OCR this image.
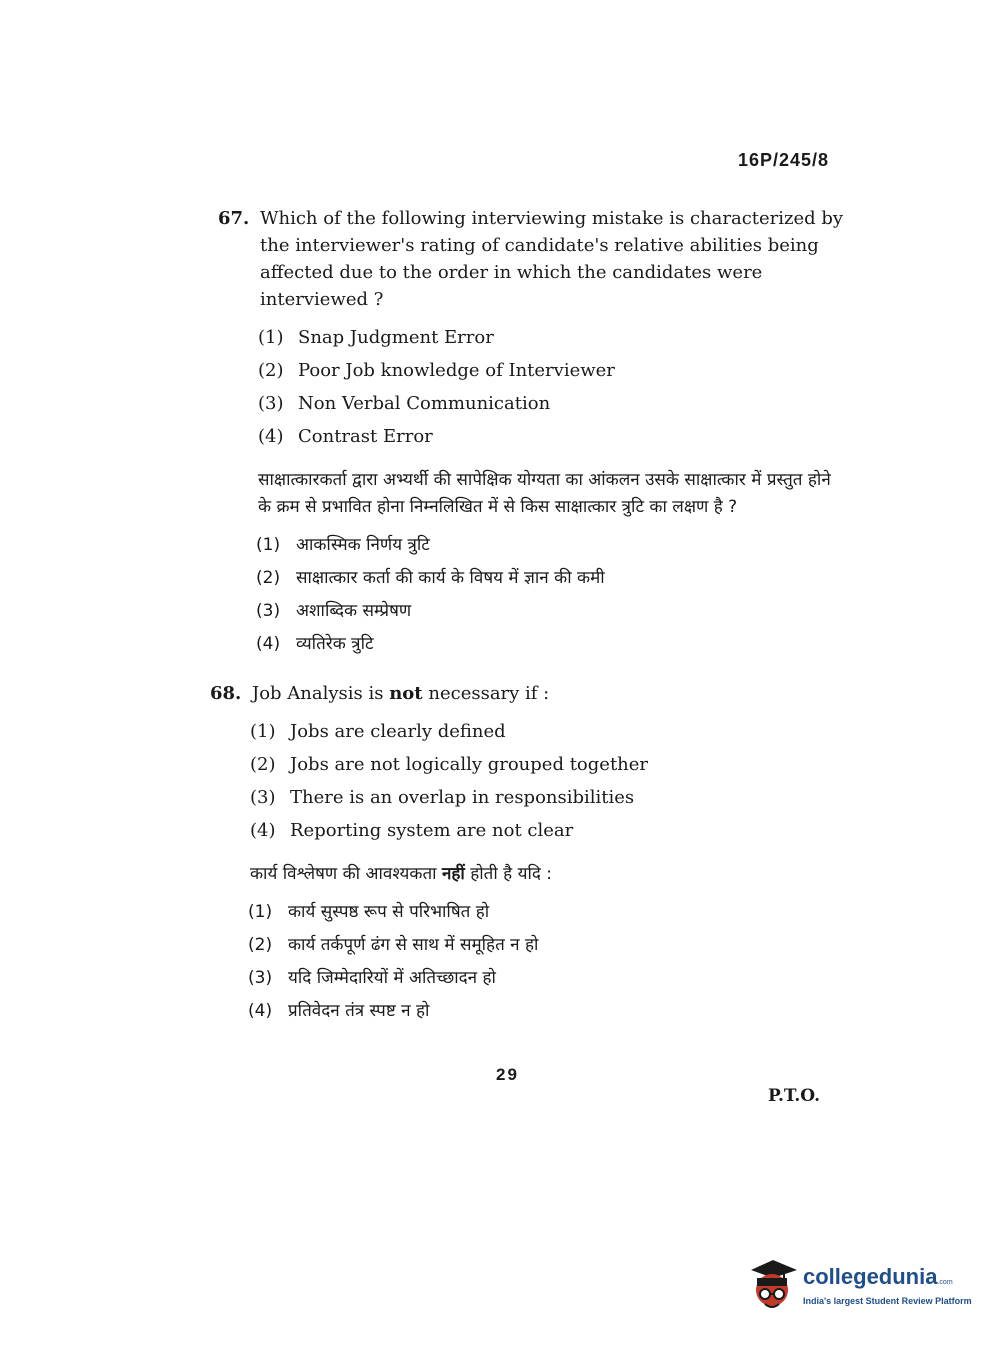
16P/245/8
67. Which of the following interviewing mistake is characterized by the interviewer's rating of candidate's relative abilities being affected due to the order in which the candidates were interviewed ?
(1) Snap Judgment Error
(2) Poor Job knowledge of Interviewer
(3) Non Verbal Communication
(4) Contrast Error
साक्षात्कारकर्ता द्वारा अभ्यर्थी की सापेक्षिक योग्यता का आंकलन उसके साक्षात्कार में प्रस्तुत होने के क्रम से प्रभावित होना निम्नलिखित में से किस साक्षात्कार त्रुटि का लक्षण है ?
(1) आकस्मिक निर्णय त्रुटि
(2) साक्षात्कार कर्ता की कार्य के विषय में ज्ञान की कमी
(3) अशाब्दिक सम्प्रेषण
(4) व्यतिरेक त्रुटि
68. Job Analysis is not necessary if :
(1) Jobs are clearly defined
(2) Jobs are not logically grouped together
(3) There is an overlap in responsibilities
(4) Reporting system are not clear
कार्य विश्लेषण की आवश्यकता नहीं होती है यदि :
(1) कार्य सुस्पष्ठ रूप से परिभाषित हो
(2) कार्य तर्कपूर्ण ढंग से साथ में समूहित न हो
(3) यदि जिम्मेदारियों में अतिच्छादन हो
(4) प्रतिवेदन तंत्र स्पष्ट न हो
29
P.T.O.
collegedunia.com
India's largest Student Review Platform
